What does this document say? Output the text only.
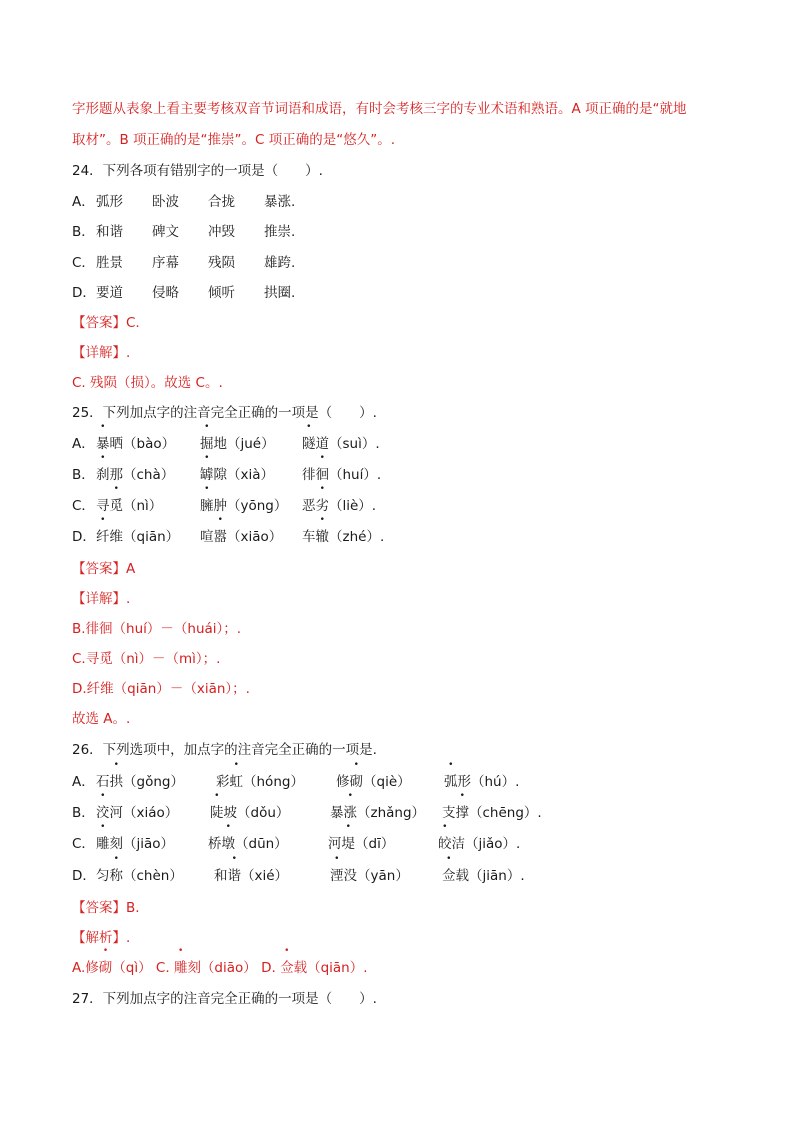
字形题从表象上看主要考核双音节词语和成语，有时会考核三字的专业术语和熟语。A 项正确的是“就地
取材”。B 项正确的是“推崇”。C 项正确的是“悠久”。.
24．下列各项有错别字的一项是（　　）.
A． 弧形 卧波 合拢 暴涨.
B． 和谐 碑文 冲毁 推崇.
C． 胜景 序幕 残陨 雄跨.
D． 要道 侵略 倾听 拱圈.
【答案】C.
【详解】.
C. 残陨（损）。故选 C。.
25．下列加点字的注音完全正确的一项是（　　）.
A． 暴晒（bào） 掘地（jué） 隧道（suì）.
B． 刹那（chà） 罅隙（xià） 徘徊（huí）.
C． 寻觅（nì）	臃肿（yōng） 恶劣（liè）.
D． 纤维（qiān） 喧嚣（xiāo） 车辙（zhé）.
【答案】A
【详解】.
B.徘徊（huí）－（huái）；.
C.寻觅（nì）－（mì）；.
D.纤维（qiān）－（xiān）；.
故选 A。.
26．下列选项中，加点字的注音完全正确的一项是.
A． 石拱（gǒng） 彩虹（hóng） 修砌（qiè） 弧形（hú）.
B． 洨河（xiáo） 陡坡（dǒu）	暴涨（zhǎng） 支撑（chēng）.
C． 雕刻（jiāo）	桥墩（dūn）	河堤（dī）	皎洁（jiǎo）.
D． 匀称（chèn） 和谐（xié）	湮没（yān） 佥载（jiān）.
【答案】B.
【解析】.
A.修砌（qì） C. 雕刻（diāo） D. 佥载（qiān）.
27．下列加点字的注音完全正确的一项是（　　）.
